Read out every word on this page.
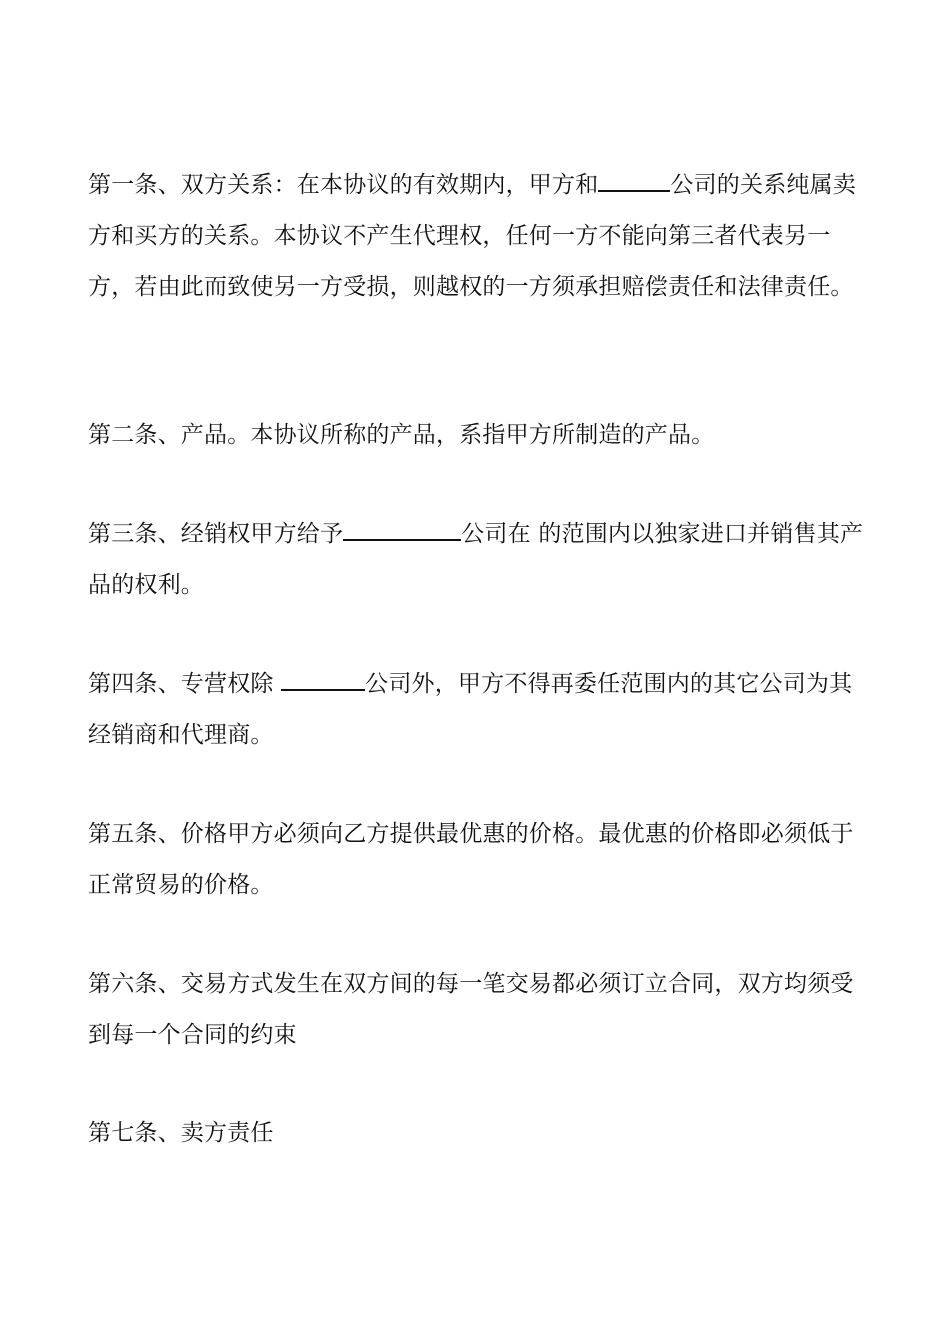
第一条、双方关系：在本协议的有效期内，甲方和	公司的关系纯属卖方和买方的关系。本协议不产生代理权，任何一方不能向第三者代表另一方，若由此而致使另一方受损，则越权的一方须承担赔偿责任和法律责任。

第二条、产品。本协议所称的产品，系指甲方所制造的产品。

第三条、经销权甲方给予	公司在 的范围内以独家进口并销售其产品的权利。

第四条、专营权除	公司外，甲方不得再委任范围内的其它公司为其经销商和代理商。

第五条、价格甲方必须向乙方提供最优惠的价格。最优惠的价格即必须低于正常贸易的价格。

第六条、交易方式发生在双方间的每一笔交易都必须订立合同，双方均须受到每一个合同的约束

第七条、卖方责任
